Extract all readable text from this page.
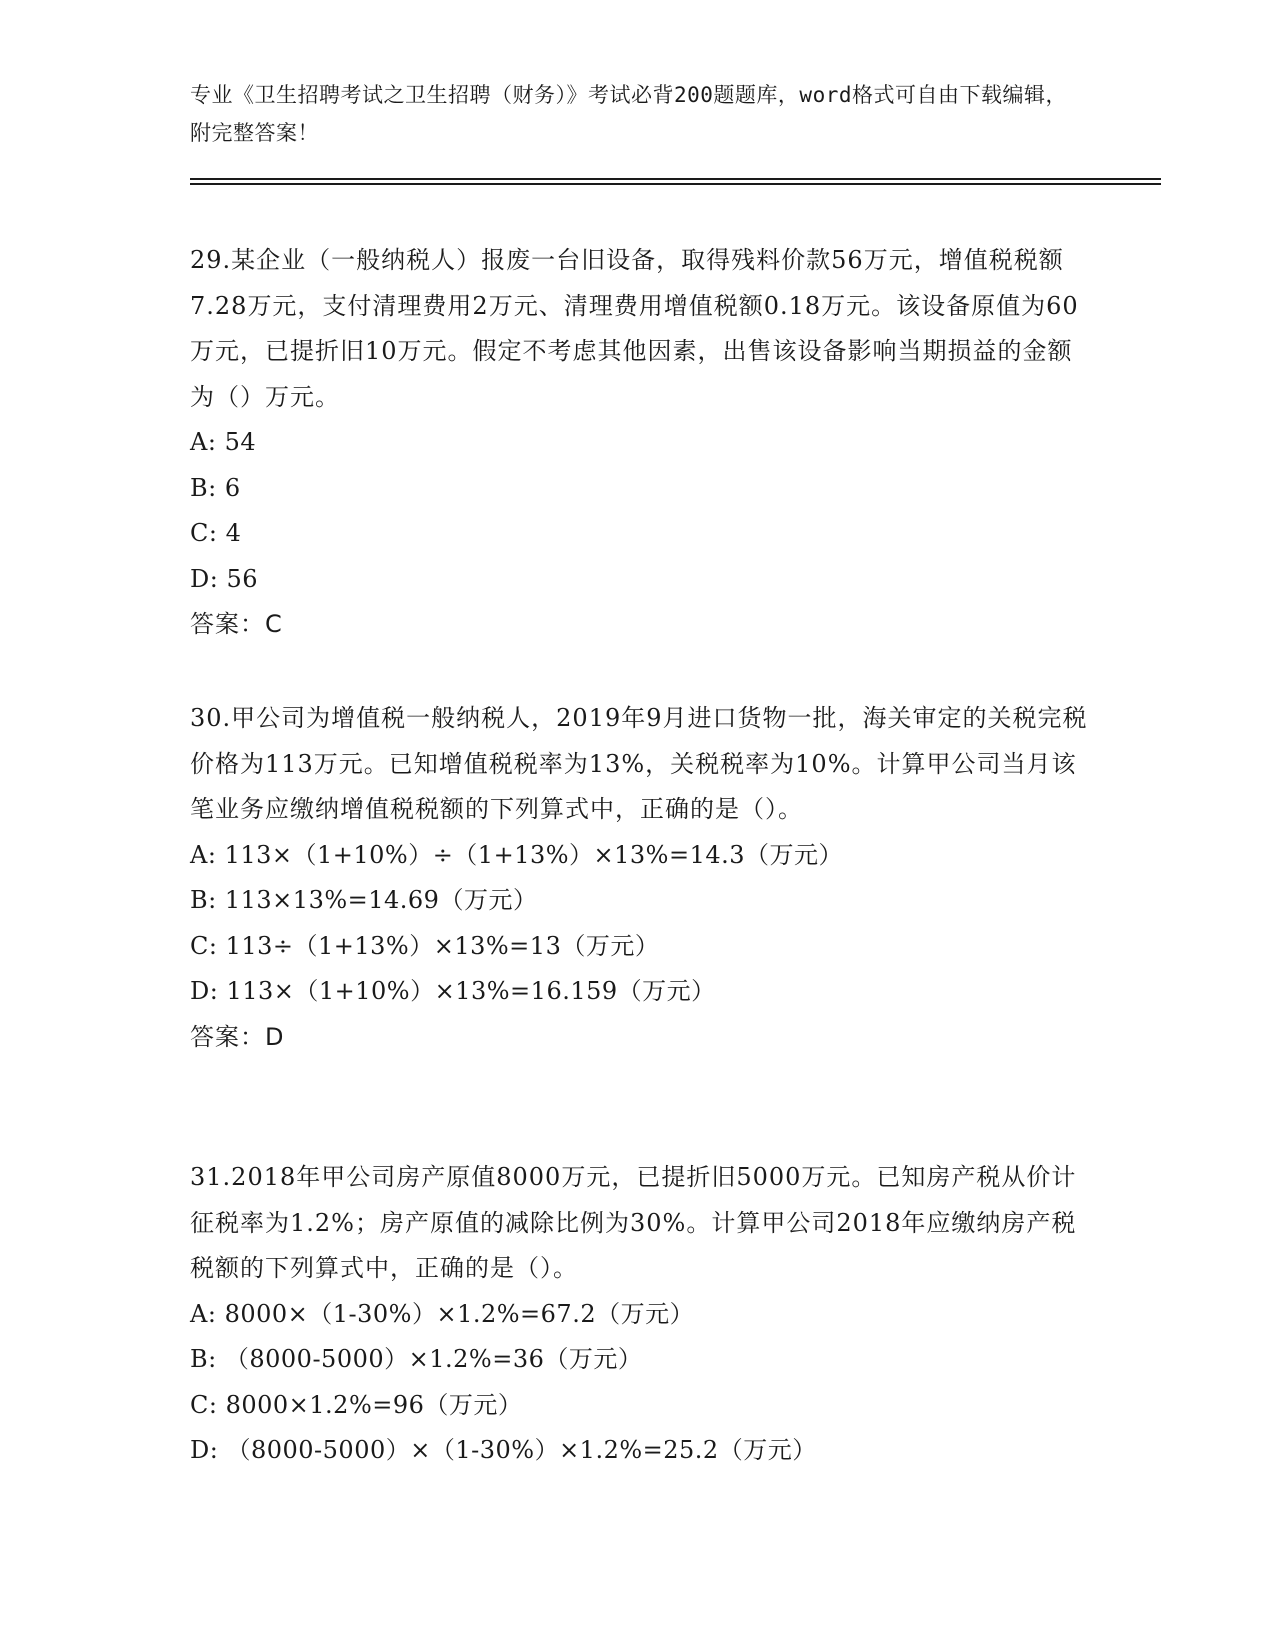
专业《卫生招聘考试之卫生招聘（财务）》考试必背200题题库，word格式可自由下载编辑，附完整答案！

29.某企业（一般纳税人）报废一台旧设备，取得残料价款56万元，增值税税额7.28万元，支付清理费用2万元、清理费用增值税额0.18万元。该设备原值为60万元，已提折旧10万元。假定不考虑其他因素，出售该设备影响当期损益的金额为（）万元。

A: 54
B: 6
C: 4
D: 56
答案：C

30.甲公司为增值税一般纳税人，2019年9月进口货物一批，海关审定的关税完税价格为113万元。已知增值税税率为13%，关税税率为10%。计算甲公司当月该笔业务应缴纳增值税税额的下列算式中，正确的是（）。

A: 113×（1+10%）÷（1+13%）×13%=14.3（万元）
B: 113×13%=14.69（万元）
C: 113÷（1+13%）×13%=13（万元）
D: 113×（1+10%）×13%=16.159（万元）
答案：D

31.2018年甲公司房产原值8000万元，已提折旧5000万元。已知房产税从价计征税率为1.2%；房产原值的减除比例为30%。计算甲公司2018年应缴纳房产税税额的下列算式中，正确的是（）。

A: 8000×（1-30%）×1.2%=67.2（万元）
B: （8000-5000）×1.2%=36（万元）
C: 8000×1.2%=96（万元）
D: （8000-5000）×（1-30%）×1.2%=25.2（万元）
